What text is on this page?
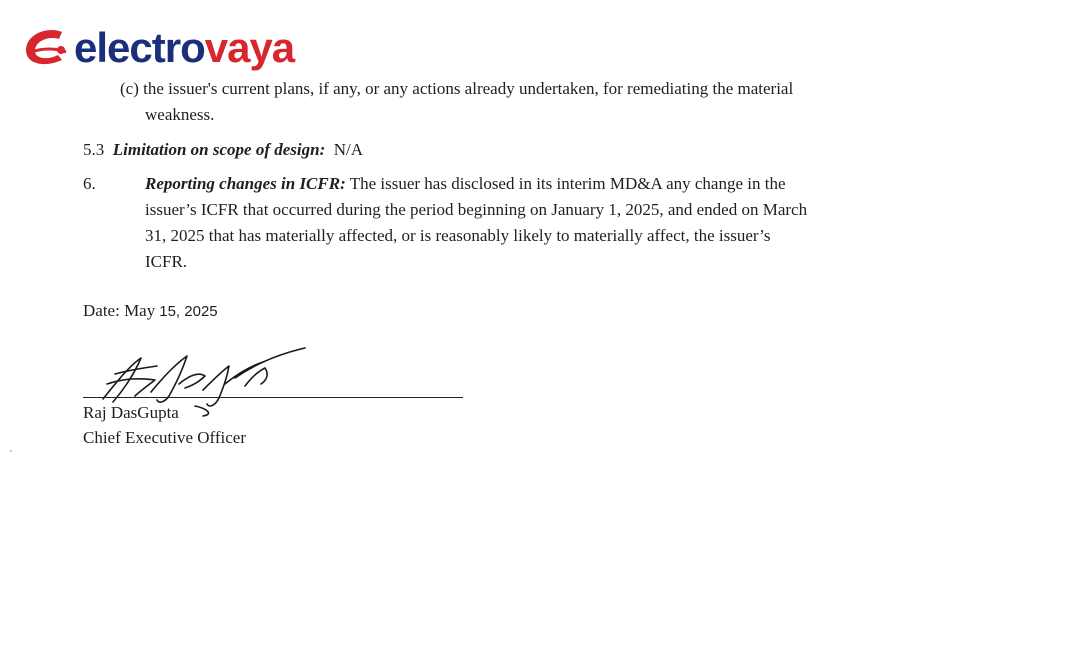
electrovaya
(c) the issuer's current plans, if any, or any actions already undertaken, for remediating the material
weakness.
5.3 Limitation on scope of design: N/A
6.	Reporting changes in ICFR: The issuer has disclosed in its interim MD&A any change in the
issuer’s ICFR that occurred during the period beginning on January 1, 2025, and ended on March
31, 2025 that has materially affected, or is reasonably likely to materially affect, the issuer’s
ICFR.
Date: May 15, 2025
Raj DasGupta
Chief Executive Officer
